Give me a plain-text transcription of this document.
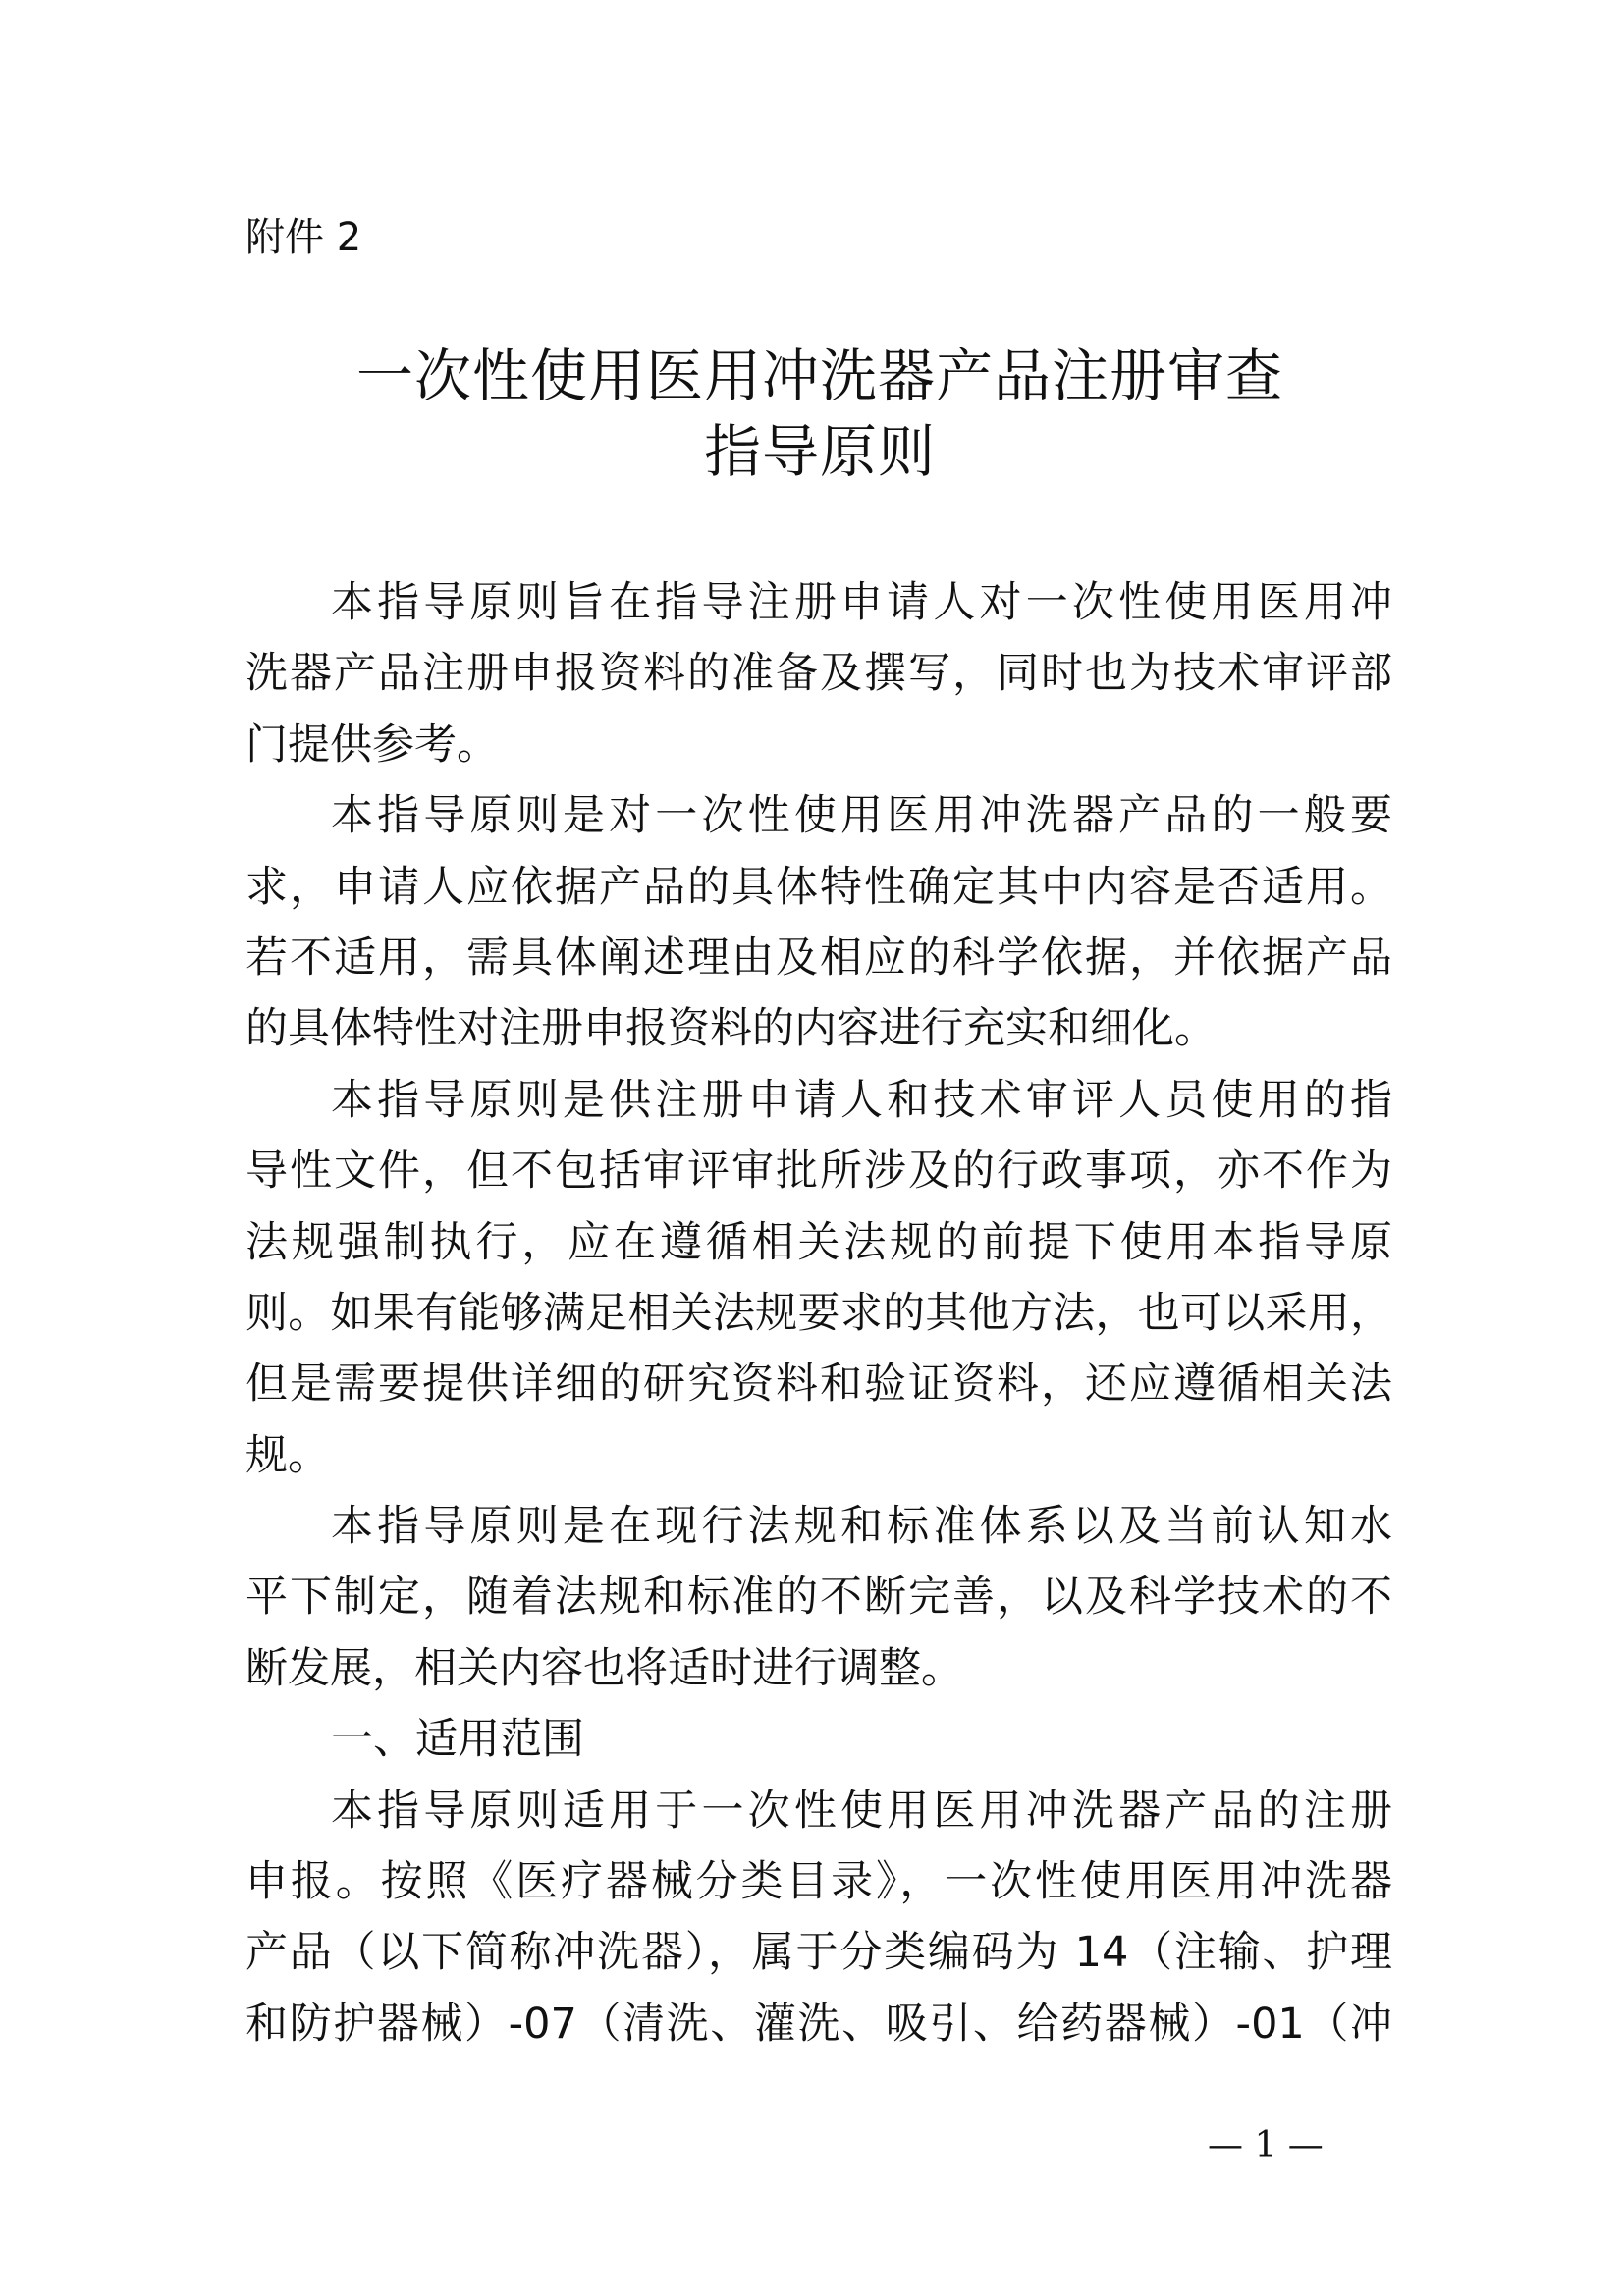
附件 2
一次性使用医用冲洗器产品注册审查
指导原则
本指导原则旨在指导注册申请人对一次性使用医用冲
洗器产品注册申报资料的准备及撰写，同时也为技术审评部
门提供参考。
本指导原则是对一次性使用医用冲洗器产品的一般要
求，申请人应依据产品的具体特性确定其中内容是否适用。
若不适用，需具体阐述理由及相应的科学依据，并依据产品
的具体特性对注册申报资料的内容进行充实和细化。
本指导原则是供注册申请人和技术审评人员使用的指
导性文件，但不包括审评审批所涉及的行政事项，亦不作为
法规强制执行，应在遵循相关法规的前提下使用本指导原
则。如果有能够满足相关法规要求的其他方法，也可以采用，
但是需要提供详细的研究资料和验证资料，还应遵循相关法
规。
本指导原则是在现行法规和标准体系以及当前认知水
平下制定，随着法规和标准的不断完善，以及科学技术的不
断发展，相关内容也将适时进行调整。
一、适用范围
本指导原则适用于一次性使用医用冲洗器产品的注册
申报。按照《医疗器械分类目录》，一次性使用医用冲洗器
产品（以下简称冲洗器），属于分类编码为 14（注输、护理
和防护器械）-07（清洗、灌洗、吸引、给药器械）-01（冲
— 1 —
